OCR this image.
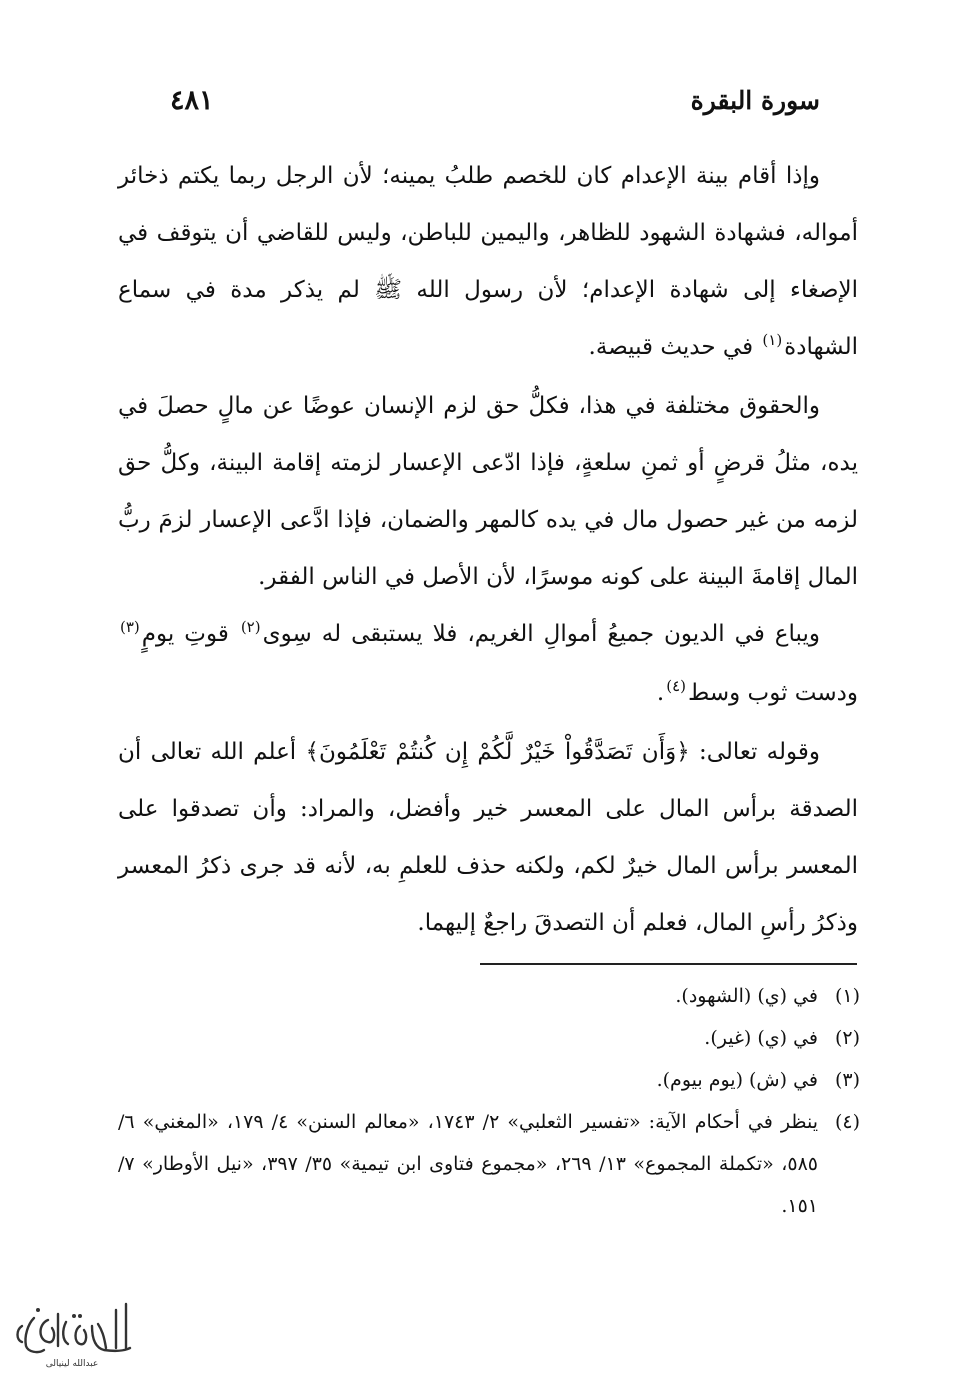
سورة البقرة
٤٨١

وإذا أقام بينة الإعدام كان للخصم طلبُ يمينه؛ لأن الرجل ربما يكتم ذخائر أمواله، فشهادة الشهود للظاهر، واليمين للباطن، وليس للقاضي أن يتوقف في الإصغاء إلى شهادة الإعدام؛ لأن رسول الله ﷺ لم يذكر مدة في سماع الشهادة$^{(١)}$ في حديث قبيصة.

والحقوق مختلفة في هذا، فكلُّ حق لزم الإنسان عوضًا عن مالٍ حصلَ في يده، مثلُ قرضٍ أو ثمنِ سلعةٍ، فإذا ادّعى الإعسار لزمته إقامة البينة، وكلُّ حق لزمه من غير حصول مال في يده كالمهر والضمان، فإذا ادَّعى الإعسار لزمَ ربُّ المال إقامةَ البينة على كونه موسرًا، لأن الأصل في الناس الفقر.

ويباع في الديون جميعُ أموالِ الغريم، فلا يستبقى له سِوى$^{(٢)}$ قوتِ يومٍ$^{(٣)}$ ودست ثوب وسط$^{(٤)}$.

وقوله تعالى: ﴿وَأَن تَصَدَّقُواْ خَيْرٌ لَّكُمْ إِن كُنتُمْ تَعْلَمُونَ﴾ أعلم الله تعالى أن الصدقة برأس المال على المعسر خير وأفضل، والمراد: وأن تصدقوا على المعسر برأس المال خيرٌ لكم، ولكنه حذف للعلمِ به، لأنه قد جرى ذكرُ المعسر وذكرُ رأسِ المال، فعلم أن التصدقَ راجعٌ إليهما.

(١)
في (ي) (الشهود).
(٢)
في (ي) (غير).
(٣)
في (ش) (يوم بيوم).
(٤)
ينظر في أحكام الآية: «تفسير الثعلبي» ٢/ ١٧٤٣، «معالم السنن» ٤/ ١٧٩، «المغني» ٦/ ٥٨٥، «تكملة المجموع» ١٣/ ٢٦٩، «مجموع فتاوى ابن تيمية» ٣٥/ ٣٩٧، «نيل الأوطار» ٧/ ١٥١.
عبدالله لينيالى
